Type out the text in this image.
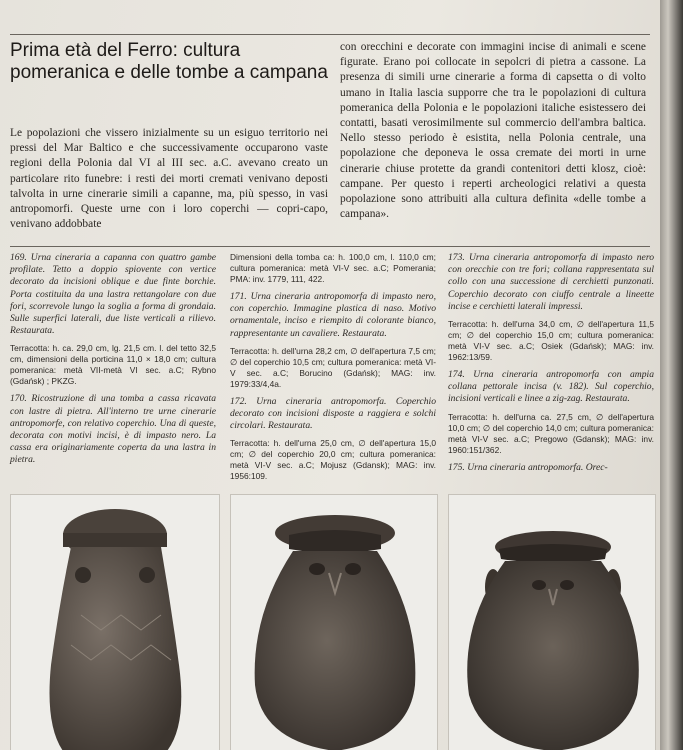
Prima età del Ferro: cultura pomeranica e delle tombe a campana

Le popolazioni che vissero inizialmente su un esiguo territorio nei pressi del Mar Baltico e che successivamente occuparono vaste regioni della Polonia dal VI al III sec. a.C. avevano creato un particolare rito funebre: i resti dei morti cremati venivano deposti talvolta in urne cinerarie simili a capanne, ma, più spesso, in vasi antropomorfi. Queste urne con i loro coperchi — copri-capo, venivano addobbate

con orecchini e decorate con immagini incise di animali e scene figurate. Erano poi collocate in sepolcri di pietra a cassone. La presenza di simili urne cinerarie a forma di capsetta o di volto umano in Italia lascia supporre che tra le popolazioni di cultura pomeranica della Polonia e le popolazioni italiche esistessero dei contatti, basati verosimilmente sul commercio dell'ambra baltica. Nello stesso periodo è esistita, nella Polonia centrale, una popolazione che deponeva le ossa cremate dei morti in urne cinerarie chiuse protette da grandi contenitori detti klosz, cioè: campane. Per questo i reperti archeologici relativi a questa popolazione sono attribuiti alla cultura definita «delle tombe a campana».

169. Urna cineraria a capanna con quattro gambe profilate. Tetto a doppio spiovente con vertice decorato da incisioni oblique e due finte borchie. Porta costituita da una lastra rettangolare con due fori, scorrevole lungo la soglia a forma di grondaia. Sulle superfici laterali, due liste verticali a rilievo. Restaurata.

Terracotta: h. ca. 29,0 cm, lg. 21,5 cm. l. del tetto 32,5 cm, dimensioni della porticina 11,0 × 18,0 cm; cultura pomeranica: metà VII-metà VI sec. a.C; Rybno (Gdańsk) ; PKZG.

170. Ricostruzione di una tomba a cassa ricavata con lastre di pietra. All'interno tre urne cinerarie antropomorfe, con relativo coperchio. Una di queste, decorata con motivi incisi, è di impasto nero. La cassa era originariamente coperta da una lastra in pietra.

Dimensioni della tomba ca: h. 100,0 cm, l. 110,0 cm; cultura pomeranica: metà VI-V sec. a.C; Pomerania; PMA: inv. 1779, 111, 422.

171. Urna cineraria antropomorfa di impasto nero, con coperchio. Immagine plastica di naso. Motivo ornamentale, inciso e riempito di colorante bianco, rappresentante un cavaliere. Restaurata.

Terracotta: h. dell'urna 28,2 cm, ∅ dell'apertura 7,5 cm; ∅ del coperchio 10,5 cm; cultura pomeranica: metà VI-V sec. a.C; Borucino (Gdańsk); MAG: inv. 1979:33/4,4a.

172. Urna cineraria antropomorfa. Coperchio decorato con incisioni disposte a raggiera e solchi circolari. Restaurata.

Terracotta: h. dell'urna 25,0 cm, ∅ dell'apertura 15,0 cm; ∅ del coperchio 20,0 cm; cultura pomeranica: metà VI-V sec. a.C; Mojusz (Gdansk); MAG: inv. 1956:109.

173. Urna cineraria antropomorfa di impasto nero con orecchie con tre fori; collana rappresentata sul collo con una successione di cerchietti punzonati. Coperchio decorato con ciuffo centrale a lineette incise e cerchietti laterali impressi.

Terracotta: h. dell'urna 34,0 cm, ∅ dell'apertura 11,5 cm; ∅ del coperchio 15,0 cm; cultura pomeranica: metà VI-V sec. a.C; Osiek (Gdańsk); MAG: inv. 1962:13/59.

174. Urna cineraria antropomorfa con ampia collana pettorale incisa (v. 182). Sul coperchio, incisioni verticali e linee a zig-zag. Restaurata.

Terracotta: h. dell'urna ca. 27,5 cm, ∅ dell'apertura 10,0 cm; ∅ del coperchio 14,0 cm; cultura pomeranica: metà VI-V sec. a.C; Pregowo (Gdansk); MAG: inv. 1960:151/362.

175. Urna cineraria antropomorfa. Orec-
